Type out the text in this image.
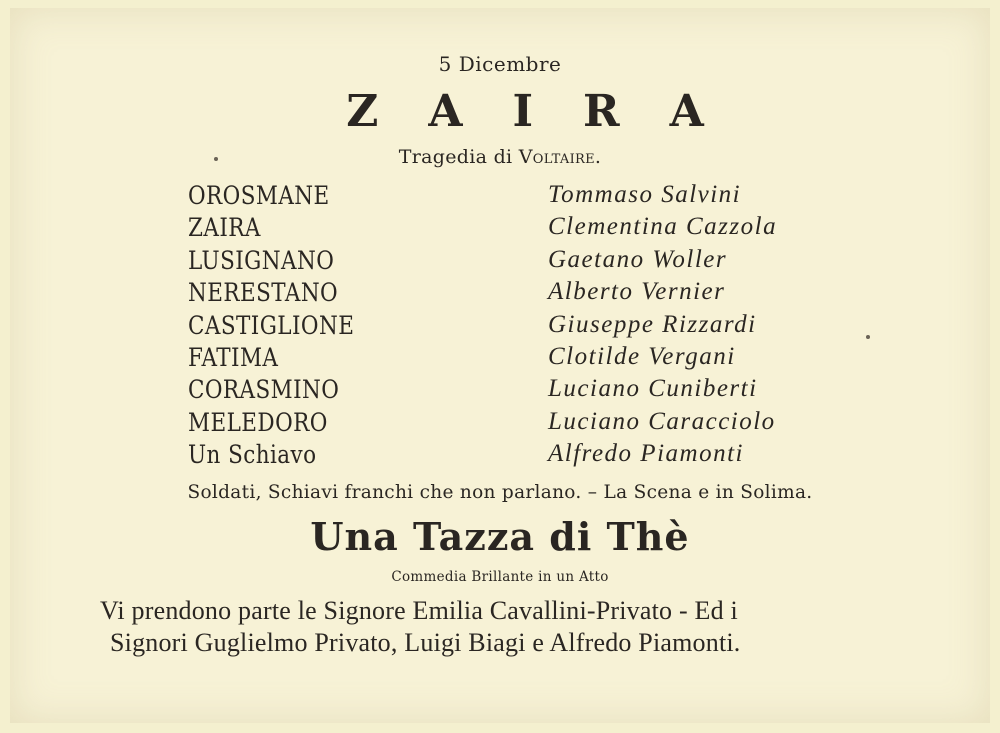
5 Dicembre
ZAIRA
Tragedia di Voltaire.
OROSMANE	Tommaso Salvini
ZAIRA	Clementina Cazzola
LUSIGNANO	Gaetano Woller
NERESTANO	Alberto Vernier
CASTIGLIONE	Giuseppe Rizzardi
FATIMA	Clotilde Vergani
CORASMINO	Luciano Cuniberti
MELEDORO	Luciano Caracciolo
Un Schiavo	Alfredo Piamonti
Soldati, Schiavi franchi che non parlano. – La Scena e in Solima.
Una Tazza di Thè
Commedia Brillante in un Atto
Vi prendono parte le Signore Emilia Cavallini-Privato - Ed i
Signori Guglielmo Privato, Luigi Biagi e Alfredo Piamonti.
